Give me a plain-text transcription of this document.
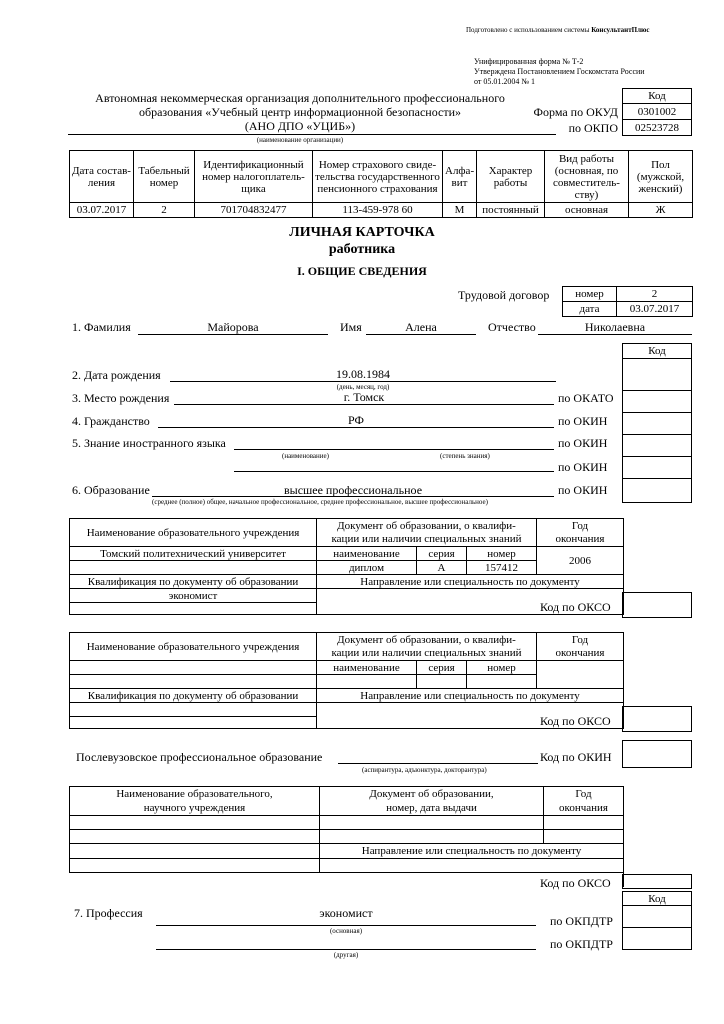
Подготовлено с использованием системы КонсультантПлюс
Унифицированная форма № Т-2
Утверждена Постановлением Госкомстата России
от 05.01.2004 № 1
Автономная некоммерческая организация дополнительного профессионального
образования «Учебный центр информационной безопасности»
(АНО ДПО «УЦИБ»)
(наименование организации)
Код
0301002
02523728
Форма по ОКУД
по ОКПО
Дата состав-ления	Табельный номер	Идентификационный номер налогоплатель-щика	Номер страхового свиде-тельства государственного пенсионного страхования	Алфа-вит	Характер работы	Вид работы (основная, по совместитель-ству)	Пол (мужской, женский)
03.07.2017	2	701704832477	113-459-978 60	М	постоянный	основная	Ж
ЛИЧНАЯ КАРТОЧКА
работника
I. ОБЩИЕ СВЕДЕНИЯ
Трудовой договор номер	2
дата	03.07.2017
1. Фамилия	Майорова	Имя	Алена	Отчество	Николаевна
Код

2. Дата рождения	19.08.1984
(день, месяц, год)
3. Место рождения	г. Томск	по ОКАТО
4. Гражданство	РФ	по ОКИН
5. Знание иностранного языка	по ОКИН
(наименование)	(степень знания)
по ОКИН
6. Образование	высшее профессиональное	по ОКИН
(среднее (полное) общее, начальное профессиональное, среднее профессиональное, высшее профессиональное)
Наименование образовательного учреждения	Документ об образовании, о квалифи-			Год
	кации или наличии специальных знаний			окончания
Томский политехнический университет	наименование	серия	номер	2006
	диплом	А	157412	
Квалификация по документу об образовании	Направление или специальность по документу			
экономист				

Код по ОКСО
Наименование образовательного учреждения	Документ об образовании, о квалифи-			Год
	кации или наличии специальных знаний			окончания
	наименование	серия	номер	

Квалификация по документу об образовании	Направление или специальность по документу			

Код по ОКСО
Послевузовское профессиональное образование	Код по ОКИН
(аспирантура, адъюнктура, докторантура)
Наименование образовательного,	Документ об образовании,	Год
научного учреждения	номер, дата выдачи	окончания

	Направление или специальность по документу	

Код по ОКСО
Код

7. Профессия	экономист
(основная)
по ОКПДТР
(другая)
по ОКПДТР
